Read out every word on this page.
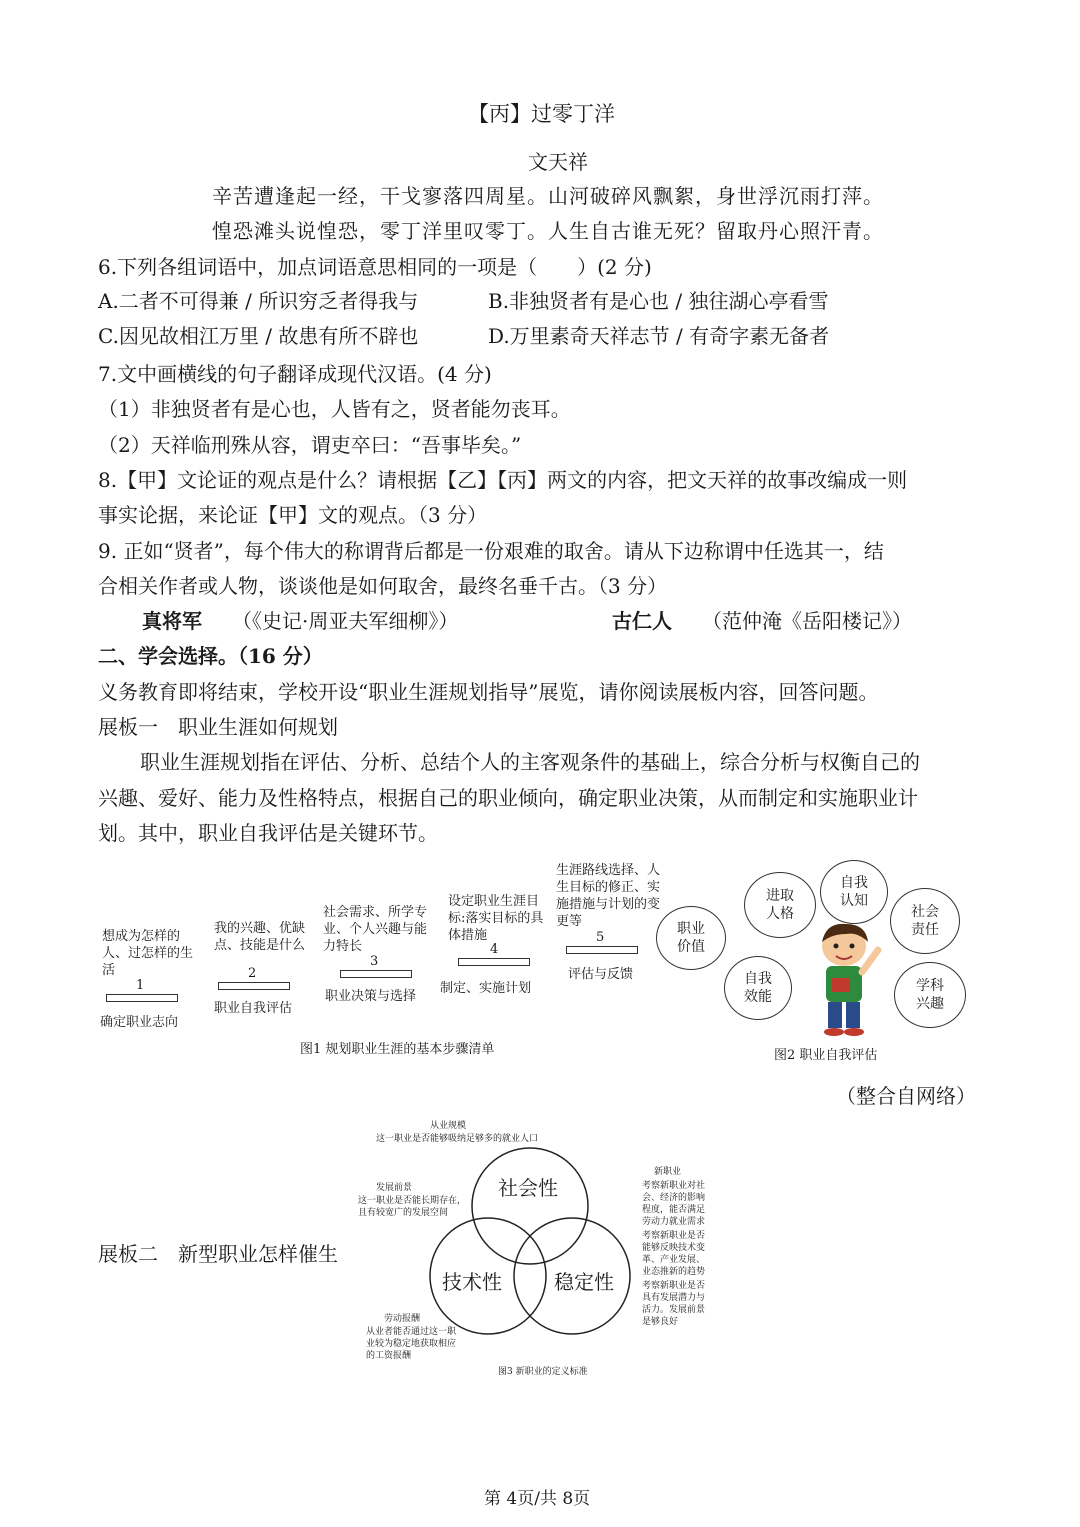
【丙】过零丁洋
文天祥
辛苦遭逢起一经，干戈寥落四周星。山河破碎风飘絮，身世浮沉雨打萍。
惶恐滩头说惶恐，零丁洋里叹零丁。人生自古谁无死？留取丹心照汗青。
6.下列各组词语中，加点词语意思相同的一项是（　　）(2 分)
A.二者不可得兼 / 所识穷乏者得我与	B.非独贤者有是心也 / 独往湖心亭看雪
C.因见故相江万里 / 故患有所不辟也	D.万里素奇天祥志节 / 有奇字素无备者
7.文中画横线的句子翻译成现代汉语。(4 分)
（1）非独贤者有是心也，人皆有之，贤者能勿丧耳。
（2）天祥临刑殊从容，谓吏卒曰：“吾事毕矣。”
8.【甲】文论证的观点是什么？请根据【乙】【丙】两文的内容，把文天祥的故事改编成一则
事实论据，来论证【甲】文的观点。（3 分）
9. 正如“贤者”，每个伟大的称谓背后都是一份艰难的取舍。请从下边称谓中任选其一，结
合相关作者或人物，谈谈他是如何取舍，最终名垂千古。（3 分）
真将军 （《史记·周亚夫军细柳》）	古仁人 （范仲淹《岳阳楼记》）
二、学会选择。（16 分）
义务教育即将结束，学校开设“职业生涯规划指导”展览，请你阅读展板内容，回答问题。
展板一　职业生涯如何规划
职业生涯规划指在评估、分析、总结个人的主客观条件的基础上，综合分析与权衡自己的
兴趣、爱好、能力及性格特点，根据自己的职业倾向，确定职业决策，从而制定和实施职业计
划。其中，职业自我评估是关键环节。
想成为怎样的人、过怎样的生活
1
确定职业志向
我的兴趣、优缺点、技能是什么
2
职业自我评估
社会需求、所学专业、个人兴趣与能力特长
3
职业决策与选择
设定职业生涯目标:落实目标的具体措施
4
制定、实施计划
生涯路线选择、人生目标的修正、实施措施与计划的变更等
5
评估与反馈
图1 规划职业生涯的基本步骤清单
职业价值
进取人格
自我认知
社会责任
学科兴趣
自我效能
图2 职业自我评估
（整合自网络）
展板二　新型职业怎样催生
从业规模
这一职业是否能够吸纳足够多的就业人口
发展前景
这一职业是否能长期存在，且有较宽广的发展空间
劳动报酬
从业者能否通过这一职业较为稳定地获取相应的工资报酬
新职业
考察新职业对社会、经济的影响程度，能否满足劳动力就业需求
考察新职业是否能够反映技术变革、产业发展、业态推新的趋势
考察新职业是否具有发展潜力与活力。发展前景是够良好
社会性
技术性	稳定性
图3 新职业的定义标准
第 4页/共 8页
